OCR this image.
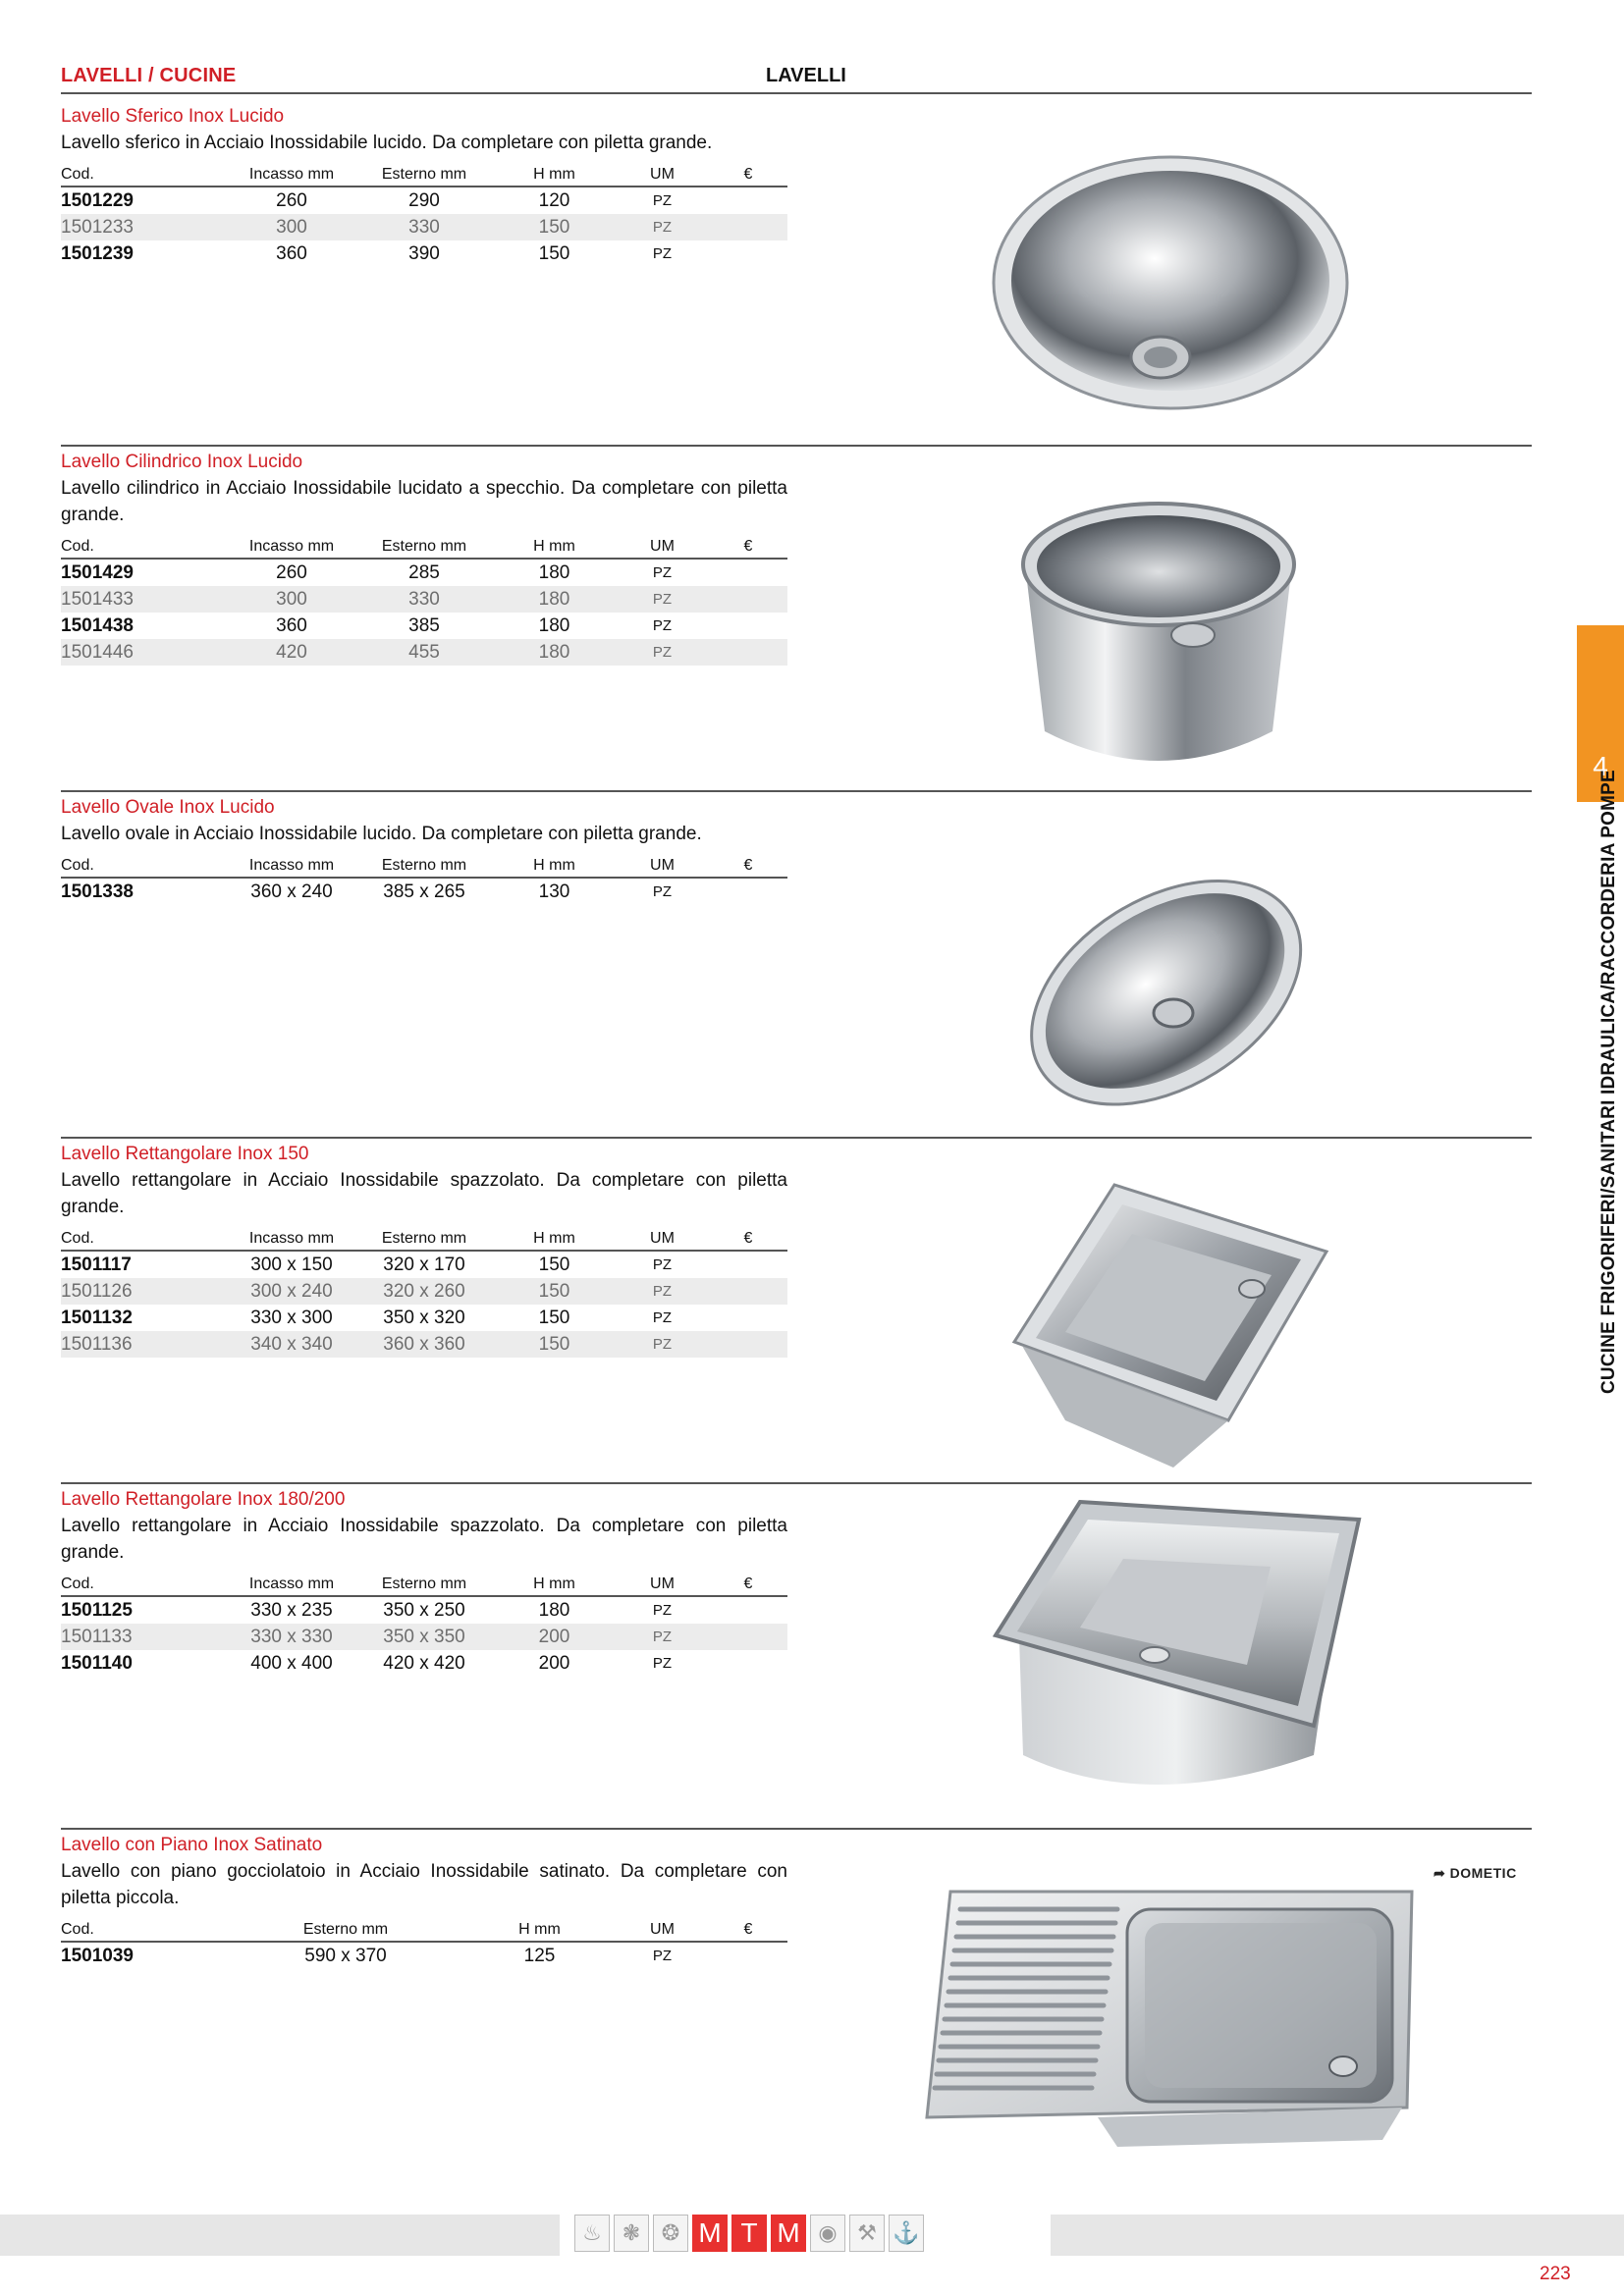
LAVELLI / CUCINE	LAVELLI
Lavello Sferico Inox Lucido
Lavello sferico in Acciaio Inossidabile lucido. Da completare con piletta grande.
Cod.	Incasso mm	Esterno mm	H mm	UM	€
1501229	260	290	120	PZ	
1501233	300	330	150	PZ	
1501239	360	390	150	PZ	
Lavello Cilindrico Inox Lucido
Lavello cilindrico in Acciaio Inossidabile lucidato a specchio. Da completare con piletta grande.
Cod.	Incasso mm	Esterno mm	H mm	UM	€
1501429	260	285	180	PZ	
1501433	300	330	180	PZ	
1501438	360	385	180	PZ	
1501446	420	455	180	PZ	
Lavello Ovale Inox Lucido
Lavello ovale in Acciaio Inossidabile lucido. Da completare con piletta grande.
Cod.	Incasso mm	Esterno mm	H mm	UM	€
1501338	360 x 240	385 x 265	130	PZ	
Lavello Rettangolare Inox 150
Lavello rettangolare in Acciaio Inossidabile spazzolato. Da completare con piletta grande.
Cod.	Incasso mm	Esterno mm	H mm	UM	€
1501117	300 x 150	320 x 170	150	PZ	
1501126	300 x 240	320 x 260	150	PZ	
1501132	330 x 300	350 x 320	150	PZ	
1501136	340 x 340	360 x 360	150	PZ	
Lavello Rettangolare Inox 180/200
Lavello rettangolare in Acciaio Inossidabile spazzolato. Da completare con piletta grande.
Cod.	Incasso mm	Esterno mm	H mm	UM	€
1501125	330 x 235	350 x 250	180	PZ	
1501133	330 x 330	350 x 350	200	PZ	
1501140	400 x 400	420 x 420	200	PZ	
Lavello con Piano Inox Satinato
Lavello con piano gocciolatoio in Acciaio Inossidabile satinato. Da completare con piletta piccola.
Cod.	Esterno mm	H mm	UM	€
1501039	590 x 370	125	PZ	
➦ DOMETIC
4
CUCINE FRIGORIFERI/SANITARI IDRAULICA/RACCORDERIA POMPE
♨ ❃ ❂ M T M ◉ ⚒ ⚓
223
